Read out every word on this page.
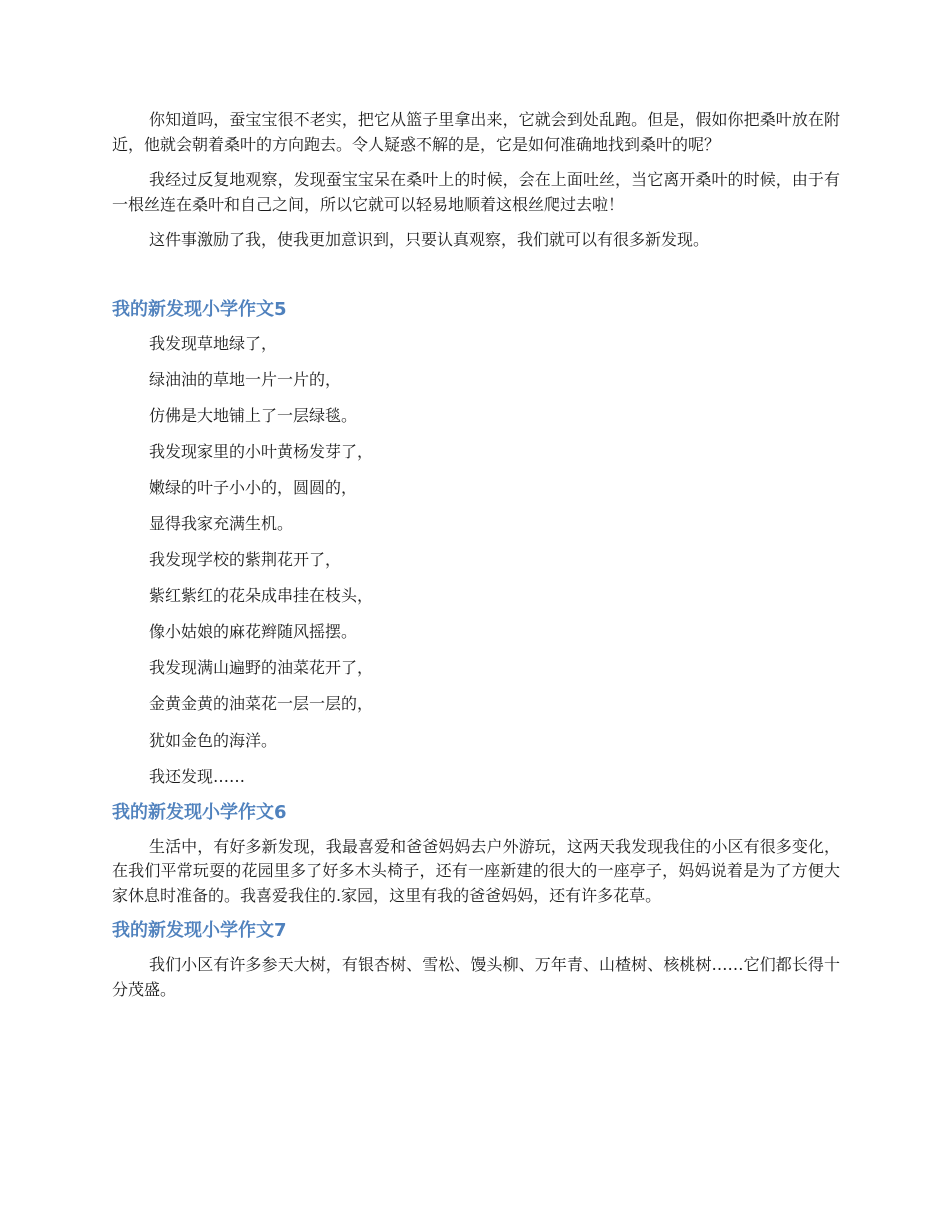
你知道吗，蚕宝宝很不老实，把它从篮子里拿出来，它就会到处乱跑。但是，假如你把桑叶放在附近，他就会朝着桑叶的方向跑去。令人疑惑不解的是，它是如何准确地找到桑叶的呢？

我经过反复地观察，发现蚕宝宝呆在桑叶上的时候，会在上面吐丝，当它离开桑叶的时候，由于有一根丝连在桑叶和自己之间，所以它就可以轻易地顺着这根丝爬过去啦！

这件事激励了我，使我更加意识到，只要认真观察，我们就可以有很多新发现。

我的新发现小学作文5

我发现草地绿了，

绿油油的草地一片一片的，

仿佛是大地铺上了一层绿毯。

我发现家里的小叶黄杨发芽了，

嫩绿的叶子小小的，圆圆的，

显得我家充满生机。

我发现学校的紫荆花开了，

紫红紫红的花朵成串挂在枝头，

像小姑娘的麻花辫随风摇摆。

我发现满山遍野的油菜花开了，

金黄金黄的油菜花一层一层的，

犹如金色的海洋。

我还发现……

我的新发现小学作文6

生活中，有好多新发现，我最喜爱和爸爸妈妈去户外游玩，这两天我发现我住的小区有很多变化，在我们平常玩耍的花园里多了好多木头椅子，还有一座新建的很大的一座亭子，妈妈说着是为了方便大家休息时准备的。我喜爱我住的.家园，这里有我的爸爸妈妈，还有许多花草。

我的新发现小学作文7

我们小区有许多参天大树，有银杏树、雪松、馒头柳、万年青、山楂树、核桃树……它们都长得十分茂盛。
